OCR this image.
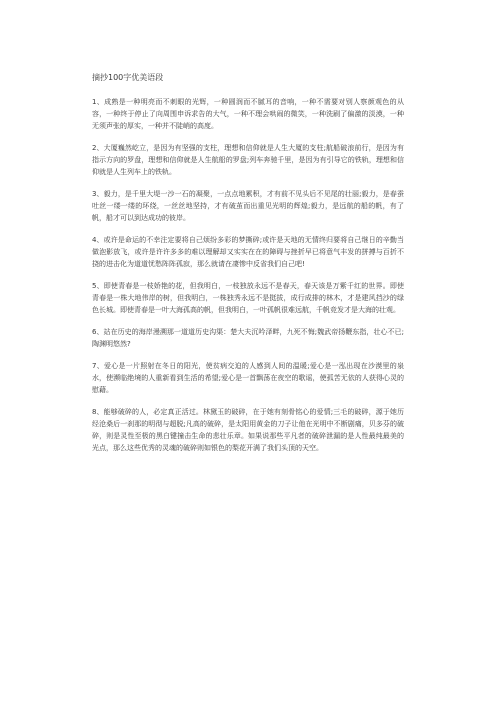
摘抄100字优美语段

1、成熟是一种明亮而不刺眼的光辉，一种圆润而不腻耳的音响，一种不需要对别人察颜观色的从容，一种终于停止了向周围申诉求告的大气，一种不理会哄闹的微笑，一种洗刷了偏激的淡漠，一种无须声张的厚实，一种并不陡峭的高度。

2、大厦巍然屹立，是因为有坚强的支柱，理想和信仰就是人生大厦的支柱;航船破浪前行，是因为有指示方向的罗盘，理想和信仰就是人生航船的罗盘;列车奔驰千里，是因为有引导它的铁轨，理想和信仰就是人生列车上的铁轨。

3、毅力，是千里大堤一沙一石的凝聚，一点点地累积，才有前不见头后不见尾的壮丽;毅力，是春蚕吐丝一缕一缕的环绕，一丝丝地坚持，才有破茧而出重见光明的辉煌;毅力，是远航的船的帆，有了帆，船才可以到达成功的彼岸。

4、或许是命运的不幸注定要将自己烦纷多彩的梦撕碎;或许是天地的无情终归要将自己继日的辛勤当做泡影放飞，或许是许许多多的难以理解却又实实在在的障碍与挫折早已将意气丰发的拼搏与百折不挠的进击化为道道忧愁阵阵孤寂，那么就请在凄惨中反省我们自己吧!

5、即使青春是一枝娇艳的花，但我明白，一枝独放永远不是春天，春天该是万紫千红的世界。即使青春是一株大地伟岸的树，但我明白，一株独秀永远不是挺拔，成行成排的林木，才是建风挡沙的绿色长城。即使青春是一叶大海孤高的帆，但我明白，一叶孤帆很难远航，千帆竞发才是大海的壮观。

6、站在历史的海岸漫溯那一道道历史沟渠：楚大夫沉吟泽畔，九死不悔;魏武帝扬鞭东指，壮心不已;陶渊明悠然?

7、爱心是一片照射在冬日的阳光，使贫病交迫的人感到人间的温暖;爱心是一泓出现在沙漠里的泉水，使濒临绝境的人重新看到生活的希望;爱心是一首飘荡在夜空的歌谣，使孤苦无依的人获得心灵的慰藉。

8、能够破碎的人，必定真正活过。林黛玉的破碎，在于她有刻骨铭心的爱情;三毛的破碎，源于她历经沧桑后一刹那的明彻与超脱;凡高的破碎，是太阳用黄金的刀子让他在光明中不断剧痛，贝多芬的破碎，则是灵性至极的黑白键撞击生命的悲壮乐章。如果说那些平凡者的破碎泄漏的是人性最纯最美的光点，那么这些优秀的灵魂的破碎则如银色的梨花开满了我们头顶的天空。
